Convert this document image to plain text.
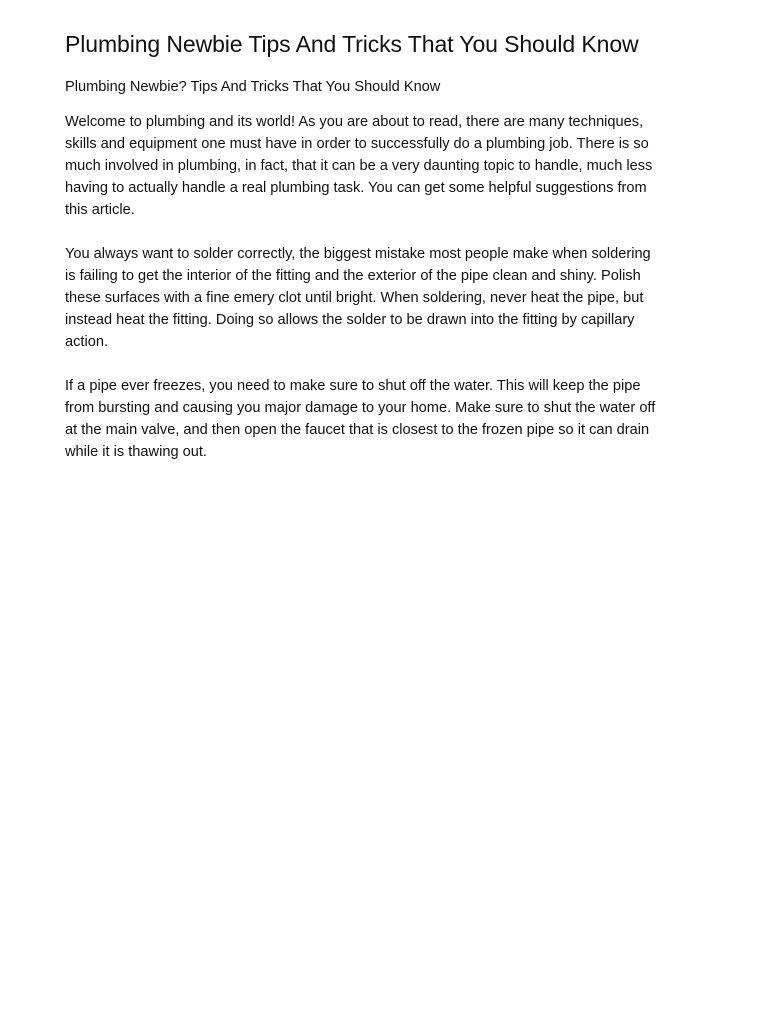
Plumbing Newbie Tips And Tricks That You Should Know
Plumbing Newbie? Tips And Tricks That You Should Know

Welcome to plumbing and its world! As you are about to read, there are many techniques,
skills and equipment one must have in order to successfully do a plumbing job. There is so
much involved in plumbing, in fact, that it can be a very daunting topic to handle, much less
having to actually handle a real plumbing task. You can get some helpful suggestions from
this article.

You always want to solder correctly, the biggest mistake most people make when soldering
is failing to get the interior of the fitting and the exterior of the pipe clean and shiny. Polish
these surfaces with a fine emery clot until bright. When soldering, never heat the pipe, but
instead heat the fitting. Doing so allows the solder to be drawn into the fitting by capillary
action.

If a pipe ever freezes, you need to make sure to shut off the water. This will keep the pipe
from bursting and causing you major damage to your home. Make sure to shut the water off
at the main valve, and then open the faucet that is closest to the frozen pipe so it can drain
while it is thawing out.
